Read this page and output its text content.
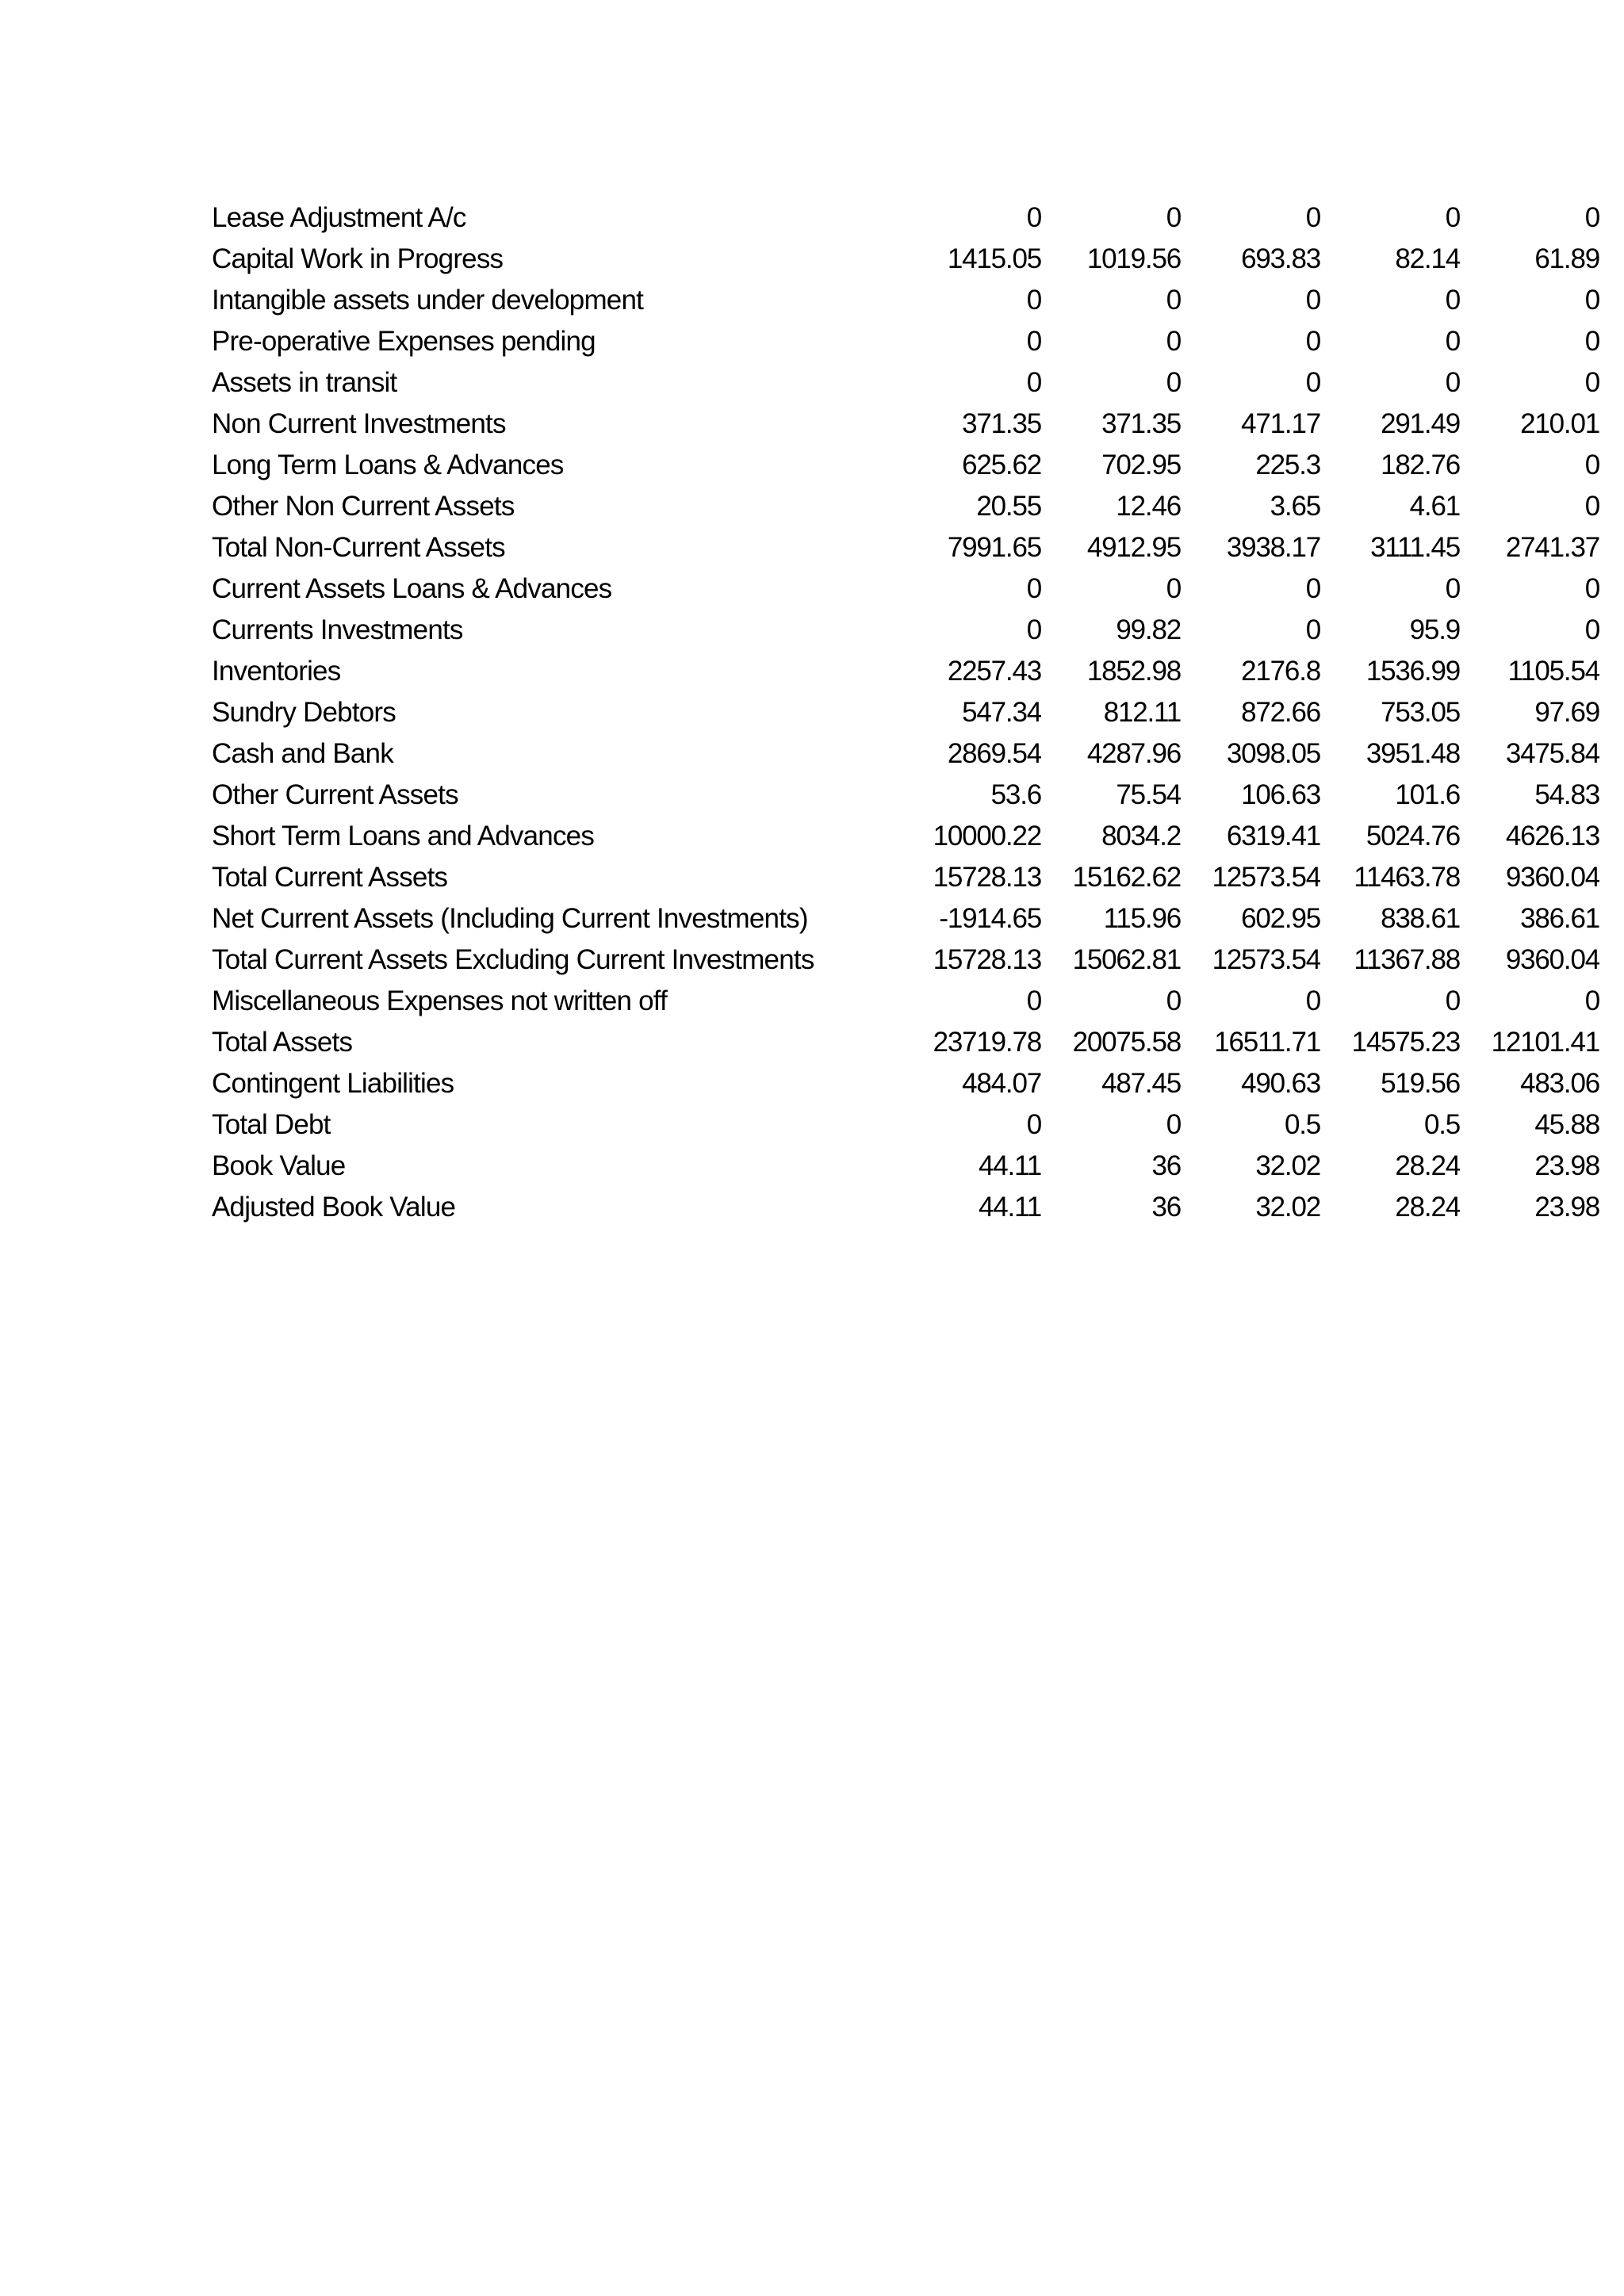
Lease Adjustment A/c	0	0	0	0	0
Capital Work in Progress	1415.05	1019.56	693.83	82.14	61.89
Intangible assets under development	0	0	0	0	0
Pre-operative Expenses pending	0	0	0	0	0
Assets in transit	0	0	0	0	0
Non Current Investments	371.35	371.35	471.17	291.49	210.01
Long Term Loans & Advances	625.62	702.95	225.3	182.76	0
Other Non Current Assets	20.55	12.46	3.65	4.61	0
Total Non-Current Assets	7991.65	4912.95	3938.17	3111.45	2741.37
Current Assets Loans & Advances	0	0	0	0	0
Currents Investments	0	99.82	0	95.9	0
Inventories	2257.43	1852.98	2176.8	1536.99	1105.54
Sundry Debtors	547.34	812.11	872.66	753.05	97.69
Cash and Bank	2869.54	4287.96	3098.05	3951.48	3475.84
Other Current Assets	53.6	75.54	106.63	101.6	54.83
Short Term Loans and Advances	10000.22	8034.2	6319.41	5024.76	4626.13
Total Current Assets	15728.13	15162.62	12573.54	11463.78	9360.04
Net Current Assets (Including Current Investments)	-1914.65	115.96	602.95	838.61	386.61
Total Current Assets Excluding Current Investments	15728.13	15062.81	12573.54	11367.88	9360.04
Miscellaneous Expenses not written off	0	0	0	0	0
Total Assets	23719.78	20075.58	16511.71	14575.23	12101.41
Contingent Liabilities	484.07	487.45	490.63	519.56	483.06
Total Debt	0	0	0.5	0.5	45.88
Book Value	44.11	36	32.02	28.24	23.98
Adjusted Book Value	44.11	36	32.02	28.24	23.98
